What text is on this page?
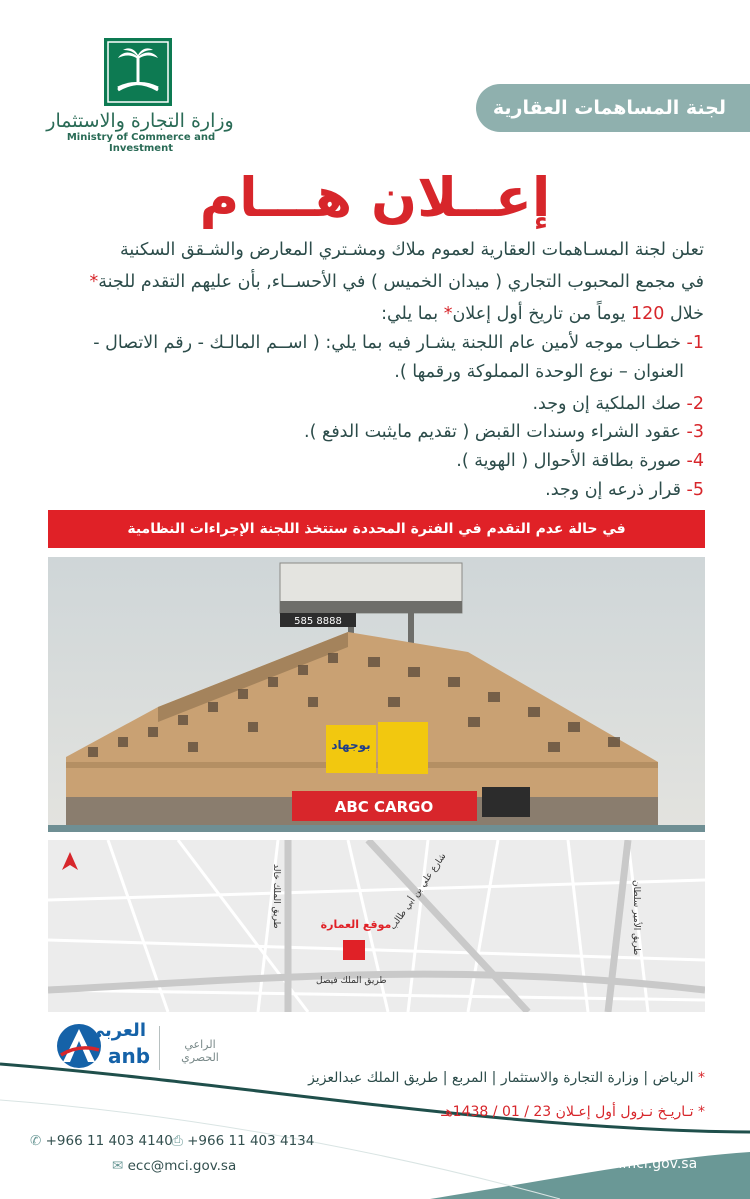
وزارة التجارة والاستثمار
Ministry of Commerce and Investment
لجنة المساهمات العقارية
إعــلان هـــام
تعلن لجنة المسـاهمات العقارية لعموم ملاك ومشـتري المعارض والشـقق السكنية
في مجمع المحبوب التجاري ( ميدان الخميس ) في الأحســاء, بأن عليهم التقدم للجنة*
خلال 120 يوماً من تاريخ أول إعلان* بما يلي:
1- خطـاب موجه لأمين عام اللجنة يشـار فيه بما يلي: ( اســم المالـك - رقم الاتصال -
العنوان – نوع الوحدة المملوكة ورقمها ).
2- صك الملكية إن وجد.
3- عقود الشراء وسندات القبض ( تقديم مايثبت الدفع ).
4- صورة بطاقة الأحوال ( الهوية ).
5- قرار ذرعه إن وجد.
في حالة عدم التقدم في الفترة المحددة ستتخذ اللجنة الإجراءات النظامية
585 8888
بوجهاد
ABC CARGO
موقع العمارة
طريق الملك فيصل
طريق الملك خالد	شارع علي بن أبي طالب	طريق الأمير سلطان
العربي
anb	الراعي الحصري
* الرياض | وزارة التجارة والاستثمار | المربع | طريق الملك عبدالعزيز
* تـاريـخ نـزول أول إعـلان 23 / 01 / 1438هـ
✆ +966 11 403 4140 ⎙ +966 11 403 4134
✉ ecc@mci.gov.sa	www.mci.gov.sa
